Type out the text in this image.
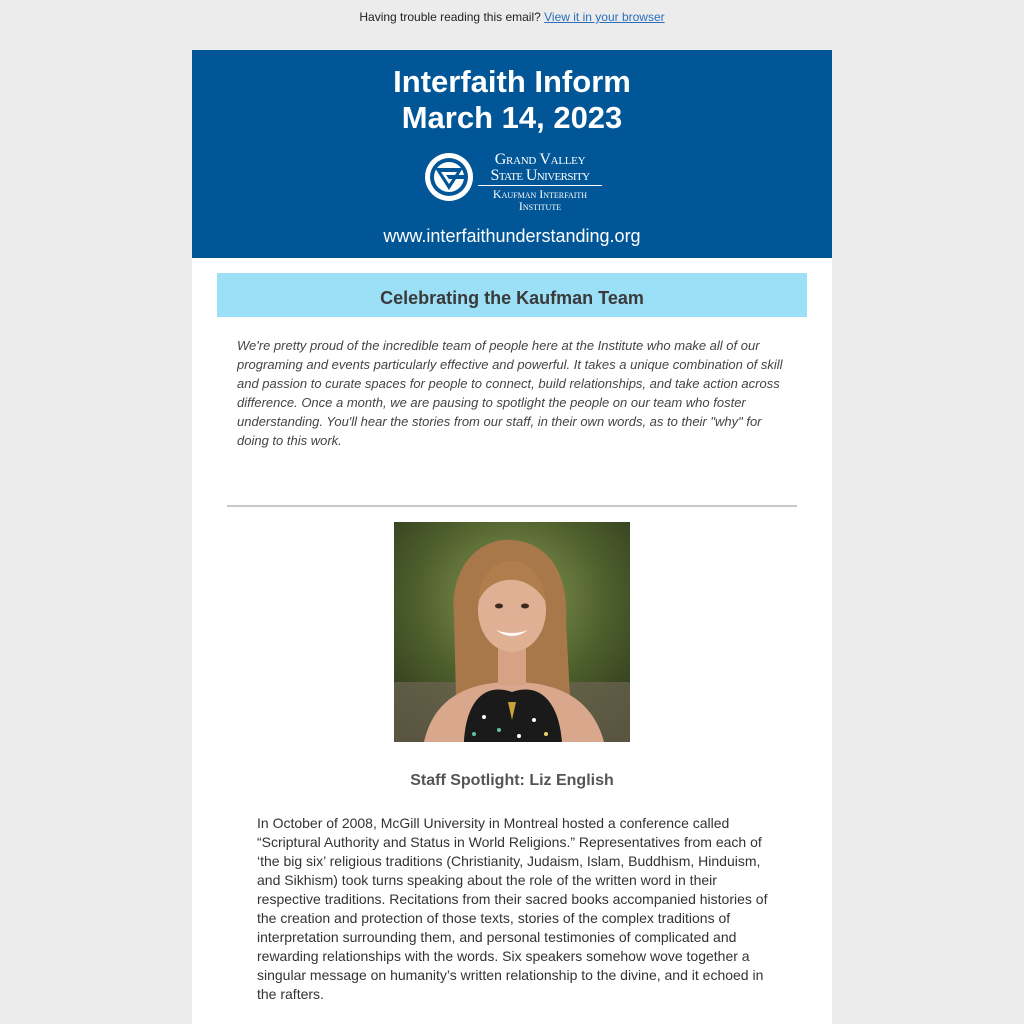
Having trouble reading this email? View it in your browser
Interfaith Inform
March 14, 2023
Grand Valley
State University
Kaufman Interfaith
Institute
www.interfaithunderstanding.org
Celebrating the Kaufman Team

We're pretty proud of the incredible team of people here at the Institute who make all of our programing and events particularly effective and powerful. It takes a unique combination of skill and passion to curate spaces for people to connect, build relationships, and take action across difference. Once a month, we are pausing to spotlight the people on our team who foster understanding. You'll hear the stories from our staff, in their own words, as to their "why" for doing to this work.

Staff Spotlight: Liz English

In October of 2008, McGill University in Montreal hosted a conference called “Scriptural Authority and Status in World Religions.” Representatives from each of ‘the big six’ religious traditions (Christianity, Judaism, Islam, Buddhism, Hinduism, and Sikhism) took turns speaking about the role of the written word in their respective traditions. Recitations from their sacred books accompanied histories of the creation and protection of those texts, stories of the complex traditions of interpretation surrounding them, and personal testimonies of complicated and rewarding relationships with the words. Six speakers somehow wove together a singular message on humanity’s written relationship to the divine, and it echoed in the rafters.
